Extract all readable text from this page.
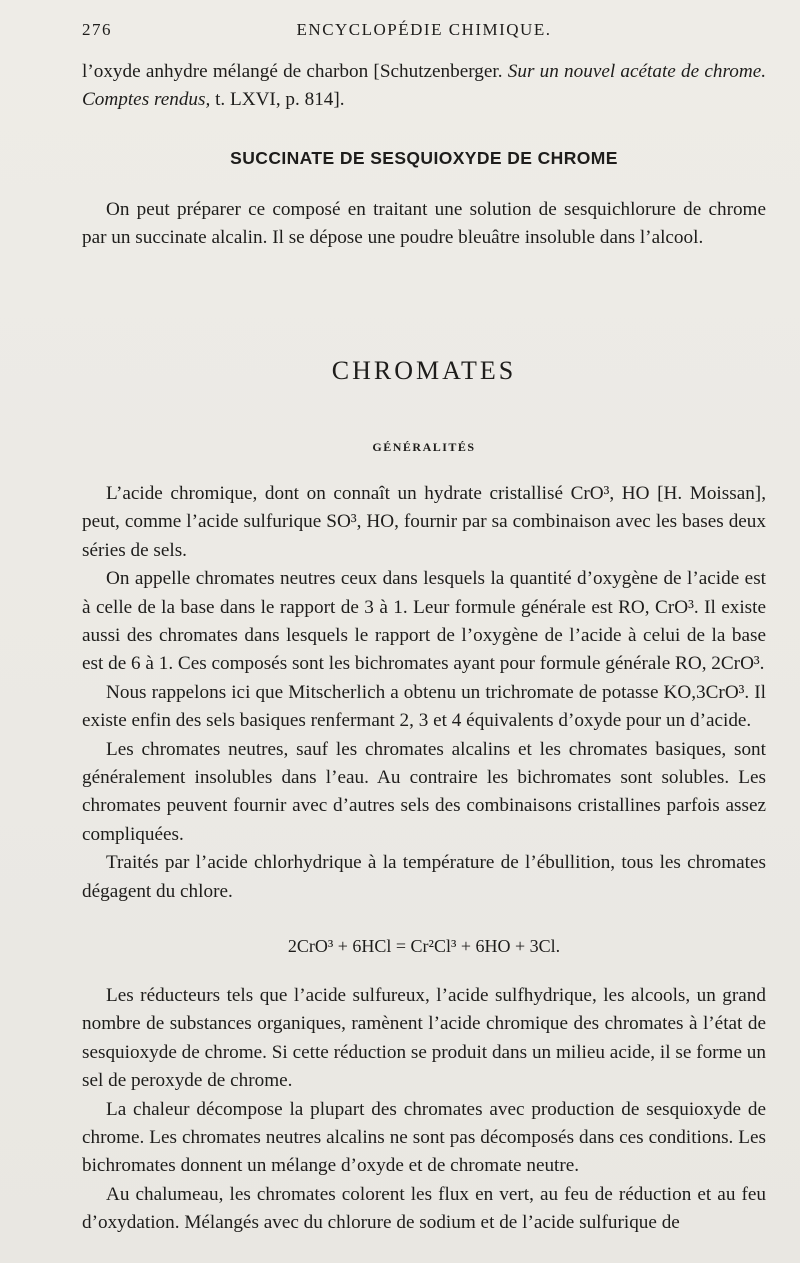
276	ENCYCLOPÉDIE CHIMIQUE.

l’oxyde anhydre mélangé de charbon [Schutzenberger. Sur un nouvel acétate de chrome. Comptes rendus, t. LXVI, p. 814].

SUCCINATE DE SESQUIOXYDE DE CHROME

On peut préparer ce composé en traitant une solution de sesquichlorure de chrome par un succinate alcalin. Il se dépose une poudre bleuâtre insoluble dans l’alcool.

CHROMATES
GÉNÉRALITÉS

L’acide chromique, dont on connaît un hydrate cristallisé CrO³, HO [H. Moissan], peut, comme l’acide sulfurique SO³, HO, fournir par sa combinaison avec les bases deux séries de sels.

On appelle chromates neutres ceux dans lesquels la quantité d’oxygène de l’acide est à celle de la base dans le rapport de 3 à 1. Leur formule générale est RO, CrO³. Il existe aussi des chromates dans lesquels le rapport de l’oxygène de l’acide à celui de la base est de 6 à 1. Ces composés sont les bichromates ayant pour formule générale RO, 2CrO³.

Nous rappelons ici que Mitscherlich a obtenu un trichromate de potasse KO,3CrO³. Il existe enfin des sels basiques renfermant 2, 3 et 4 équivalents d’oxyde pour un d’acide.

Les chromates neutres, sauf les chromates alcalins et les chromates basiques, sont généralement insolubles dans l’eau. Au contraire les bichromates sont solubles. Les chromates peuvent fournir avec d’autres sels des combinaisons cristallines parfois assez compliquées.

Traités par l’acide chlorhydrique à la température de l’ébullition, tous les chromates dégagent du chlore.

2CrO³ + 6HCl = Cr²Cl³ + 6HO + 3Cl.

Les réducteurs tels que l’acide sulfureux, l’acide sulfhydrique, les alcools, un grand nombre de substances organiques, ramènent l’acide chromique des chromates à l’état de sesquioxyde de chrome. Si cette réduction se produit dans un milieu acide, il se forme un sel de peroxyde de chrome.

La chaleur décompose la plupart des chromates avec production de sesquioxyde de chrome. Les chromates neutres alcalins ne sont pas décomposés dans ces conditions. Les bichromates donnent un mélange d’oxyde et de chromate neutre.

Au chalumeau, les chromates colorent les flux en vert, au feu de réduction et au feu d’oxydation. Mélangés avec du chlorure de sodium et de l’acide sulfurique de
